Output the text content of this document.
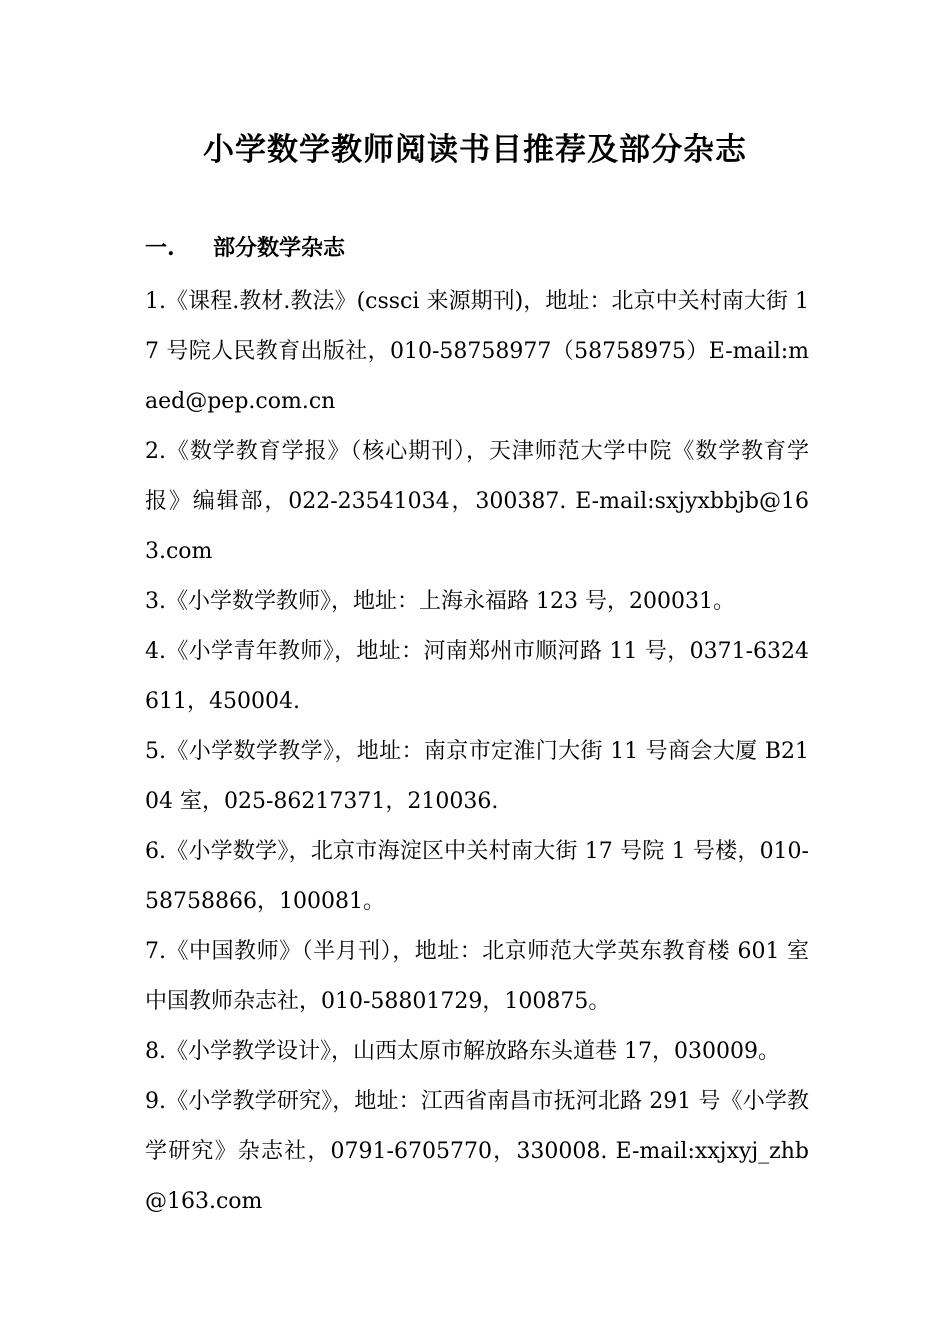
小学数学教师阅读书目推荐及部分杂志
一. 部分数学杂志
1.《课程.教材.教法》(cssci 来源期刊)，地址：北京中关村南大街 17 号院人民教育出版社，010-58758977（58758975）E-mail:maed@pep.com.cn
2.《数学教育学报》（核心期刊），天津师范大学中院《数学教育学报》编辑部，022-23541034，300387. E-mail:sxjyxbbjb@163.com
3.《小学数学教师》，地址：上海永福路 123 号，200031。
4.《小学青年教师》，地址：河南郑州市顺河路 11 号，0371-6324611，450004.
5.《小学数学教学》，地址：南京市定淮门大街 11 号商会大厦 B2104 室，025-86217371，210036.
6.《小学数学》，北京市海淀区中关村南大街 17 号院 1 号楼，010-58758866，100081。
7.《中国教师》（半月刊），地址：北京师范大学英东教育楼 601 室中国教师杂志社，010-58801729，100875。
8.《小学教学设计》，山西太原市解放路东头道巷 17，030009。
9.《小学教学研究》，地址：江西省南昌市抚河北路 291 号《小学教学研究》杂志社，0791-6705770，330008. E-mail:xxjxyj_zhb@163.com
